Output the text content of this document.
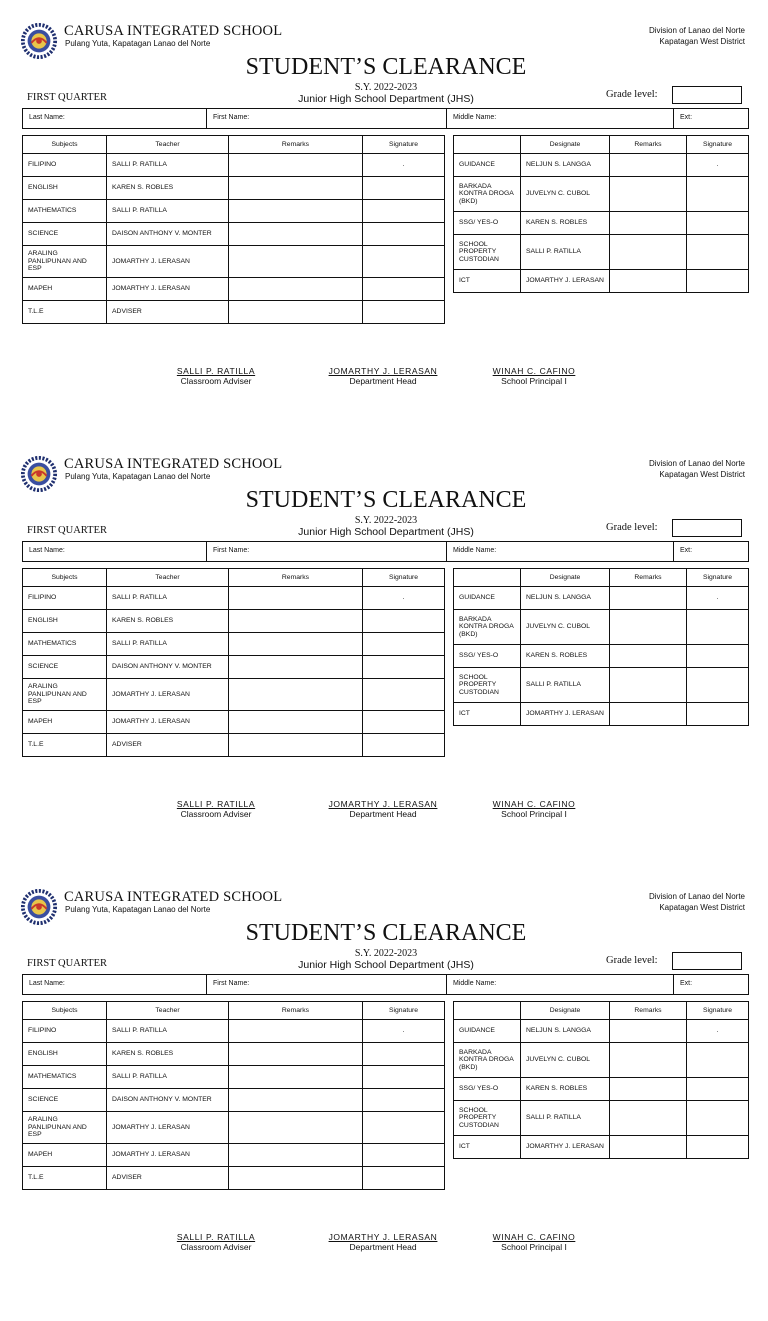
CARUSA INTEGRATED SCHOOL
Pulang Yuta, Kapatagan Lanao del Norte
Division of Lanao del Norte
Kapatagan West District
STUDENT’S CLEARANCE
S.Y. 2022-2023
Junior High School Department (JHS)
FIRST QUARTER	Grade level:
Last Name:	First Name:	Middle Name:	Ext:
Subjects	Teacher	Remarks	Signature
FILIPINO	SALLI P. RATILLA		.
ENGLISH	KAREN S. ROBLES		
MATHEMATICS	SALLI P. RATILLA		
SCIENCE	DAISON ANTHONY V. MONTER		
ARALING PANLIPUNAN AND ESP	JOMARTHY J. LERASAN		
MAPEH	JOMARTHY J. LERASAN		
T.L.E	ADVISER		
	Designate	Remarks	Signature
GUIDANCE	NELJUN S. LANGGA		.
BARKADA KONTRA DROGA (BKD)	JUVELYN C. CUBOL		
SSG/ YES-O	KAREN S. ROBLES		
SCHOOL PROPERTY CUSTODIAN	SALLI P. RATILLA		
ICT	JOMARTHY J. LERASAN		
SALLI P. RATILLA
Classroom Adviser
JOMARTHY J. LERASAN
Department Head
WINAH C. CAFINO
School Principal I
CARUSA INTEGRATED SCHOOL
Pulang Yuta, Kapatagan Lanao del Norte
Division of Lanao del Norte
Kapatagan West District
STUDENT’S CLEARANCE
S.Y. 2022-2023
Junior High School Department (JHS)
FIRST QUARTER	Grade level:
Last Name:	First Name:	Middle Name:	Ext:
Subjects	Teacher	Remarks	Signature
FILIPINO	SALLI P. RATILLA		.
ENGLISH	KAREN S. ROBLES		
MATHEMATICS	SALLI P. RATILLA		
SCIENCE	DAISON ANTHONY V. MONTER		
ARALING PANLIPUNAN AND ESP	JOMARTHY J. LERASAN		
MAPEH	JOMARTHY J. LERASAN		
T.L.E	ADVISER		
	Designate	Remarks	Signature
GUIDANCE	NELJUN S. LANGGA		.
BARKADA KONTRA DROGA (BKD)	JUVELYN C. CUBOL		
SSG/ YES-O	KAREN S. ROBLES		
SCHOOL PROPERTY CUSTODIAN	SALLI P. RATILLA		
ICT	JOMARTHY J. LERASAN		
SALLI P. RATILLA
Classroom Adviser
JOMARTHY J. LERASAN
Department Head
WINAH C. CAFINO
School Principal I
CARUSA INTEGRATED SCHOOL
Pulang Yuta, Kapatagan Lanao del Norte
Division of Lanao del Norte
Kapatagan West District
STUDENT’S CLEARANCE
S.Y. 2022-2023
Junior High School Department (JHS)
FIRST QUARTER	Grade level:
Last Name:	First Name:	Middle Name:	Ext:
Subjects	Teacher	Remarks	Signature
FILIPINO	SALLI P. RATILLA		.
ENGLISH	KAREN S. ROBLES		
MATHEMATICS	SALLI P. RATILLA		
SCIENCE	DAISON ANTHONY V. MONTER		
ARALING PANLIPUNAN AND ESP	JOMARTHY J. LERASAN		
MAPEH	JOMARTHY J. LERASAN		
T.L.E	ADVISER		
	Designate	Remarks	Signature
GUIDANCE	NELJUN S. LANGGA		.
BARKADA KONTRA DROGA (BKD)	JUVELYN C. CUBOL		
SSG/ YES-O	KAREN S. ROBLES		
SCHOOL PROPERTY CUSTODIAN	SALLI P. RATILLA		
ICT	JOMARTHY J. LERASAN		
SALLI P. RATILLA
Classroom Adviser
JOMARTHY J. LERASAN
Department Head
WINAH C. CAFINO
School Principal I
